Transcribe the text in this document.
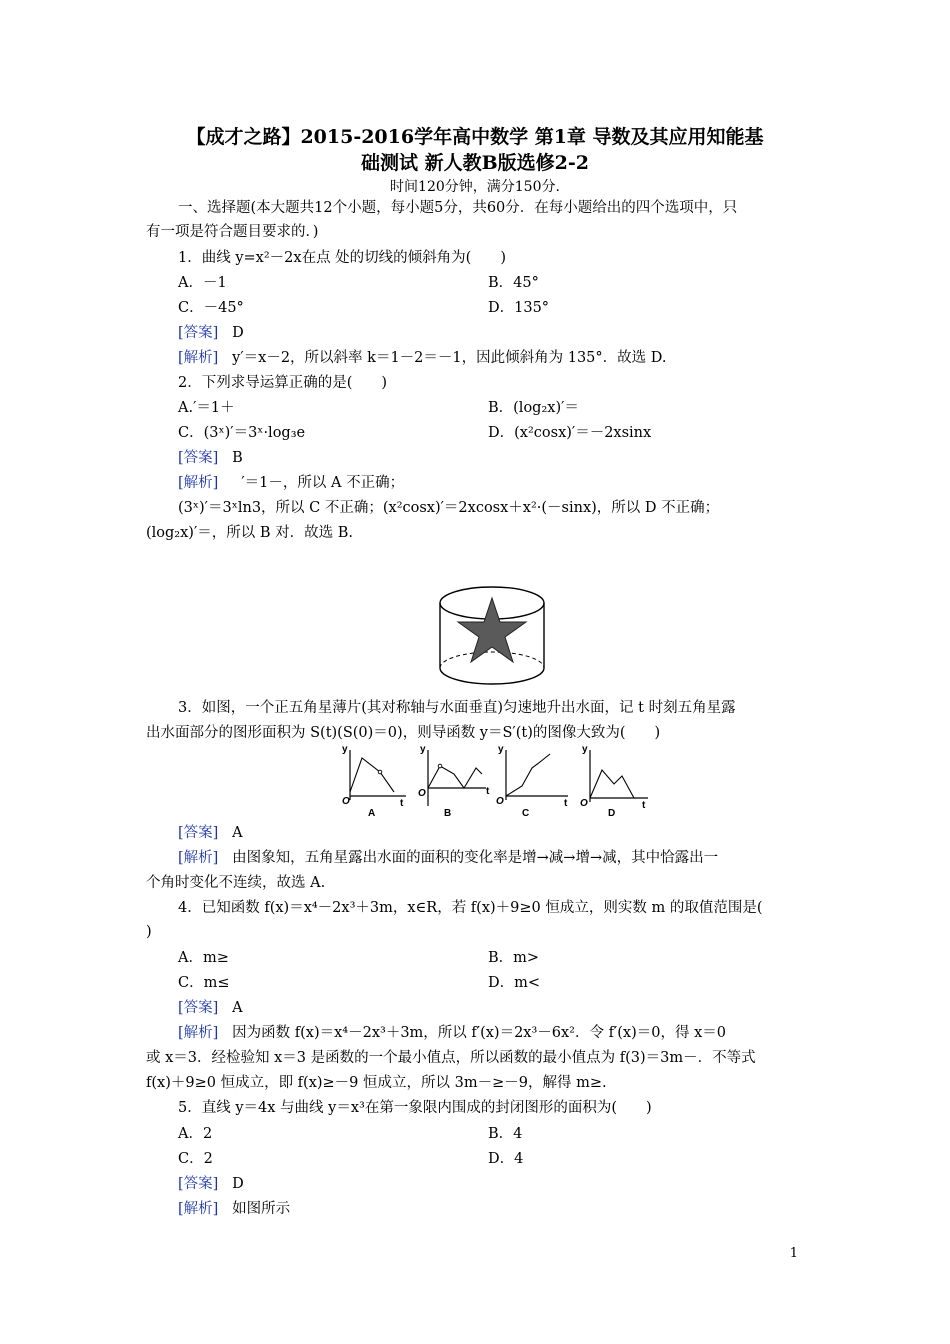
【成才之路】2015-2016学年高中数学 第1章 导数及其应用知能基
础测试 新人教B版选修2-2
时间120分钟，满分150分.
一、选择题(本大题共12个小题，每小题5分，共60分．在每小题给出的四个选项中，只
有一项是符合题目要求的．)
1．曲线 y=x²－2x在点 处的切线的倾斜角为(　　)
A．－1	B．45°
C．－45°	D．135°
[答案] D
[解析] y′＝x－2，所以斜率 k＝1－2＝－1，因此倾斜角为 135°．故选 D.
2．下列求导运算正确的是(　　)
A.′＝1＋	B．(log₂x)′＝
C．(3ˣ)′＝3ˣ·log₃e	D．(x²cosx)′＝－2xsinx
[答案] B
[解析] ′＝1－，所以 A 不正确；
(3ˣ)′＝3ˣln3，所以 C 不正确；(x²cosx)′＝2xcosx＋x²·(－sinx)，所以 D 不正确；
(log₂x)′＝，所以 B 对．故选 B.
3．如图，一个正五角星薄片(其对称轴与水面垂直)匀速地升出水面，记 t 时刻五角星露
出水面部分的图形面积为 S(t)(S(0)＝0)，则导函数 y＝S′(t)的图像大致为(　　)
y
O	t
A
y
O	t
B
y
O	t
C
y
O	t
D
[答案] A
[解析] 由图象知，五角星露出水面的面积的变化率是增→减→增→减，其中恰露出一
个角时变化不连续，故选 A.
4．已知函数 f(x)＝x⁴－2x³＋3m，x∈R，若 f(x)＋9≥0 恒成立，则实数 m 的取值范围是(
)
A．m≥	B．m>
C．m≤	D．m<
[答案] A
[解析] 因为函数 f(x)＝x⁴－2x³＋3m，所以 f′(x)＝2x³－6x²．令 f′(x)＝0，得 x＝0
或 x＝3．经检验知 x＝3 是函数的一个最小值点，所以函数的最小值点为 f(3)＝3m－．不等式
f(x)＋9≥0 恒成立，即 f(x)≥－9 恒成立，所以 3m－≥－9，解得 m≥.
5．直线 y＝4x 与曲线 y＝x³在第一象限内围成的封闭图形的面积为(　　)
A．2	B．4
C．2	D．4
[答案] D
[解析] 如图所示
1
